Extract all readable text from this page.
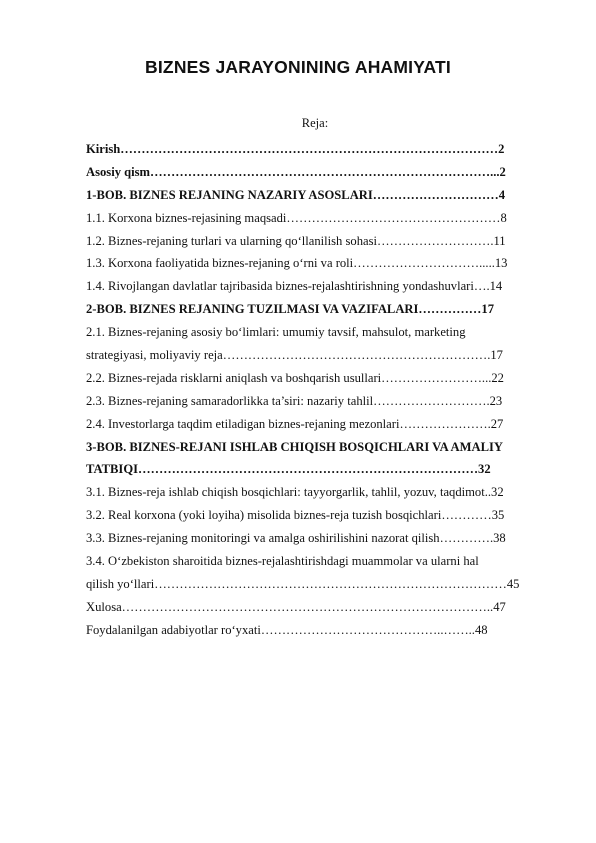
BIZNES JARAYONINING AHAMIYATI
Reja:
Kirish………………………………………………………………………………2
Asosiy qism………………………………………………………………………...2
1-BOB. BIZNES REJANING NAZARIY ASOSLARI…………………………4
1.1. Korxona biznes-rejasining maqsadi……………………………………………8
1.2. Biznes-rejaning turlari va ularning qo‘llanilish sohasi……………………….11
1.3. Korxona faoliyatida biznes-rejaning o‘rni va roli………………………….....13
1.4. Rivojlangan davlatlar tajribasida biznes-rejalashtirishning yondashuvlari….14
2-BOB. BIZNES REJANING TUZILMASI VA VAZIFALARI……………17
2.1. Biznes-rejaning asosiy bo‘limlari: umumiy tavsif, mahsulot, marketing
strategiyasi, moliyaviy reja……………………………………………………….17
2.2. Biznes-rejada risklarni aniqlash va boshqarish usullari……………………...22
2.3. Biznes-rejaning samaradorlikka ta’siri: nazariy tahlil……………………….23
2.4. Investorlarga taqdim etiladigan biznes-rejaning mezonlari………………….27
3-BOB. BIZNES-REJANI ISHLAB CHIQISH BOSQICHLARI VA AMALIY
TATBIQI………………………………………………………………………32
3.1. Biznes-reja ishlab chiqish bosqichlari: tayyorgarlik, tahlil, yozuv, taqdimot..32
3.2. Real korxona (yoki loyiha) misolida biznes-reja tuzish bosqichlari…………35
3.3. Biznes-rejaning monitoringi va amalga oshirilishini nazorat qilish………….38
3.4. O‘zbekiston sharoitida biznes-rejalashtirishdagi muammolar va ularni hal
qilish yo‘llari…………………………………………………………………………45
Xulosa……………………………………………………………………………..47
Foydalanilgan adabiyotlar ro‘yxati……………………………………..……..48
